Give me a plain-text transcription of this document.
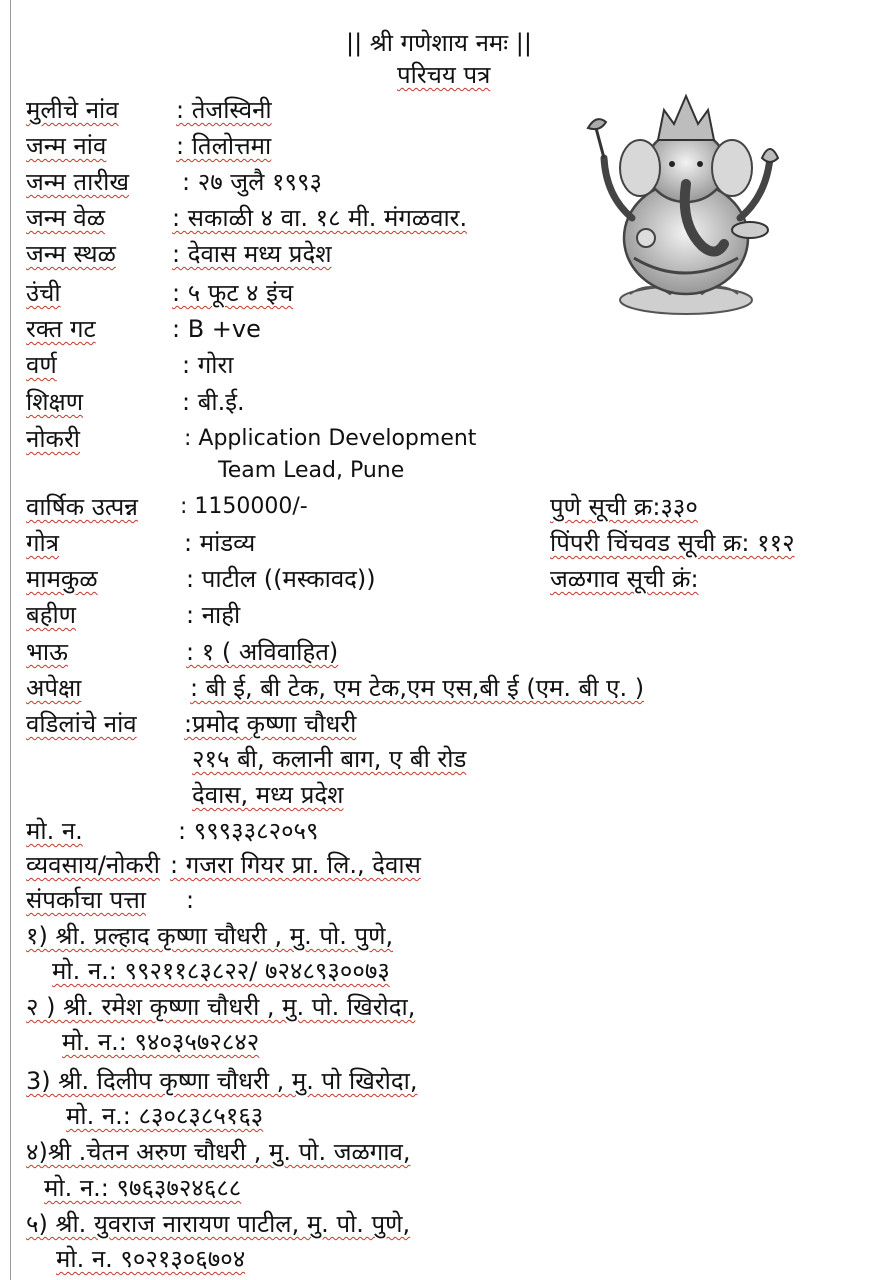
|| श्री गणेशाय नमः ||
परिचय पत्र
मुलीचे नांव
जन्म नांव
जन्म तारीख
जन्म वेळ
जन्म स्थळ
उंची
रक्त गट
वर्ण
शिक्षण
नोकरी
वार्षिक उत्पन्न
गोत्र
मामकुळ
बहीण
भाऊ
अपेक्षा
वडिलांचे नांव
मो. न.
व्यवसाय/नोकरी
संपर्काचा पत्ता
: तेजस्विनी
: तिलोत्तमा
: २७ जुलै १९९३
: सकाळी ४ वा. १८ मी. मंगळवार.
: देवास मध्य प्रदेश
: ५ फूट ४ इंच
: B +ve
: गोरा
: बी.ई.
: Application Development
Team Lead, Pune
: 1150000/-
: मांडव्य
: पाटील ((मस्कावद))
: नाही
: १ ( अविवाहित)
: बी ई, बी टेक, एम टेक,एम एस,बी ई (एम. बी ए. )
:प्रमोद कृष्णा चौधरी
२१५ बी, कलानी बाग, ए बी रोड
देवास, मध्य प्रदेश
: ९९९३३८२०५९
: गजरा गियर प्रा. लि., देवास
:
पुणे सूची क्र:३३०
पिंपरी चिंचवड सूची क्र: ११२
जळगाव सूची क्रं:
१) श्री. प्रल्हाद कृष्णा चौधरी , मु. पो. पुणे,
मो. न.: ९९२११८३८२२/ ७२४८९३००७३
२ ) श्री. रमेश कृष्णा चौधरी , मु. पो. खिरोदा,
मो. न.: ९४०३५७२८४२
3) श्री. दिलीप कृष्णा चौधरी , मु. पो खिरोदा,
मो. न.: ८३०८३८५१६३
४)श्री .चेतन अरुण चौधरी , मु. पो. जळगाव,
मो. न.: ९७६३७२४६८८
५) श्री. युवराज नारायण पाटील, मु. पो. पुणे,
मो. न. ९०२१३०६७०४
